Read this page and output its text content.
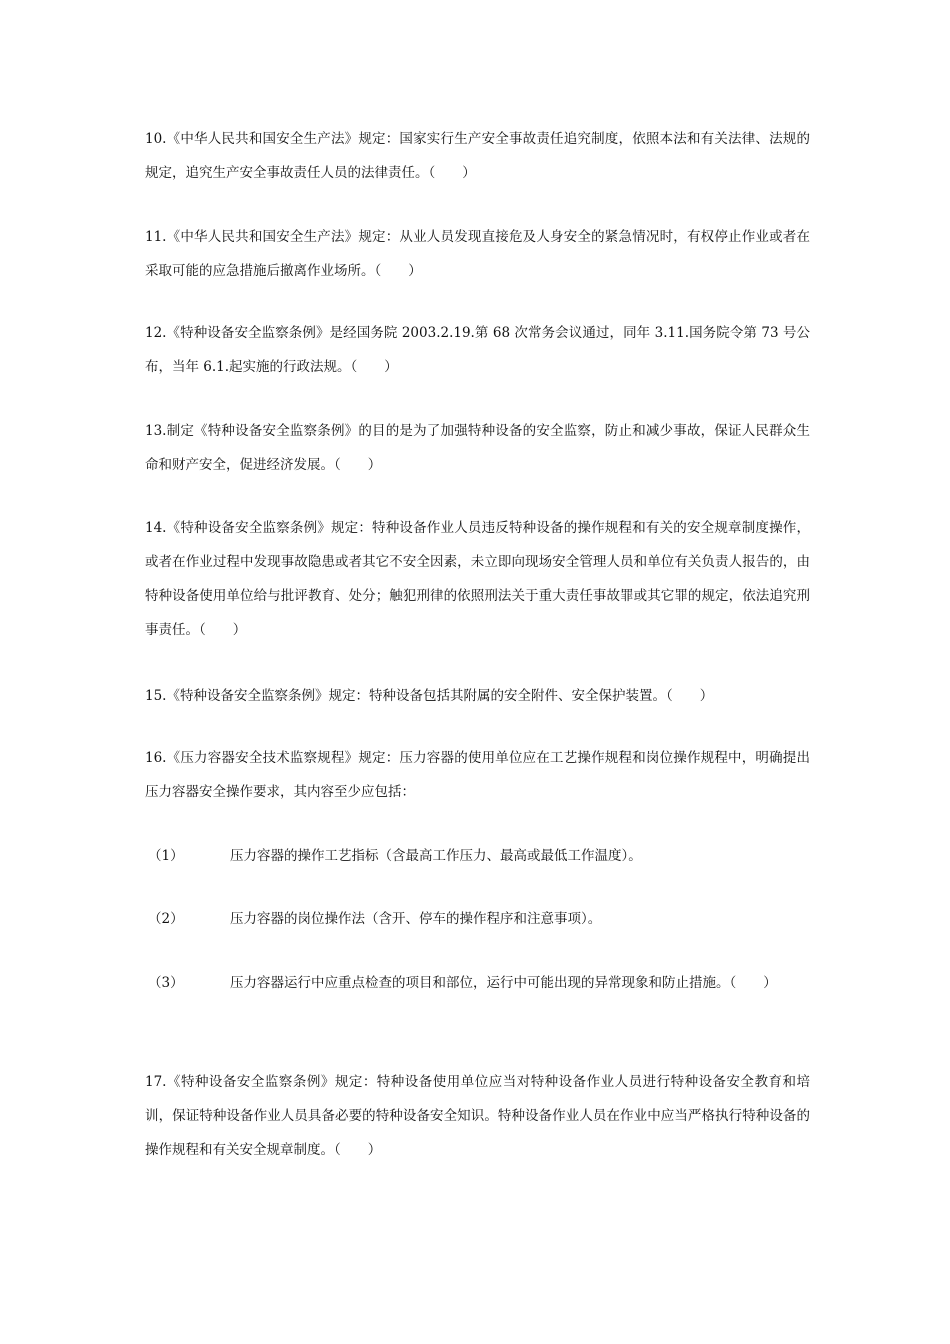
10.《中华人民共和国安全生产法》规定：国家实行生产安全事故责任追究制度，依照本法和有关法律、法规的规定，追究生产安全事故责任人员的法律责任。（　　）

11.《中华人民共和国安全生产法》规定：从业人员发现直接危及人身安全的紧急情况时，有权停止作业或者在采取可能的应急措施后撤离作业场所。（　　）

12.《特种设备安全监察条例》是经国务院 2003.2.19.第 68 次常务会议通过，同年 3.11.国务院令第 73 号公布，当年 6.1.起实施的行政法规。（　　）

13.制定《特种设备安全监察条例》的目的是为了加强特种设备的安全监察，防止和减少事故，保证人民群众生命和财产安全，促进经济发展。（　　）

14.《特种设备安全监察条例》规定：特种设备作业人员违反特种设备的操作规程和有关的安全规章制度操作，或者在作业过程中发现事故隐患或者其它不安全因素，未立即向现场安全管理人员和单位有关负责人报告的，由特种设备使用单位给与批评教育、处分；触犯刑律的依照刑法关于重大责任事故罪或其它罪的规定，依法追究刑事责任。（　　）

15.《特种设备安全监察条例》规定：特种设备包括其附属的安全附件、安全保护装置。（　　）

16.《压力容器安全技术监察规程》规定：压力容器的使用单位应在工艺操作规程和岗位操作规程中，明确提出压力容器安全操作要求，其内容至少应包括：

（1）	压力容器的操作工艺指标（含最高工作压力、最高或最低工作温度）。

（2）	压力容器的岗位操作法（含开、停车的操作程序和注意事项）。

（3）	压力容器运行中应重点检查的项目和部位，运行中可能出现的异常现象和防止措施。（　　）

17.《特种设备安全监察条例》规定：特种设备使用单位应当对特种设备作业人员进行特种设备安全教育和培训，保证特种设备作业人员具备必要的特种设备安全知识。特种设备作业人员在作业中应当严格执行特种设备的操作规程和有关安全规章制度。（　　）
